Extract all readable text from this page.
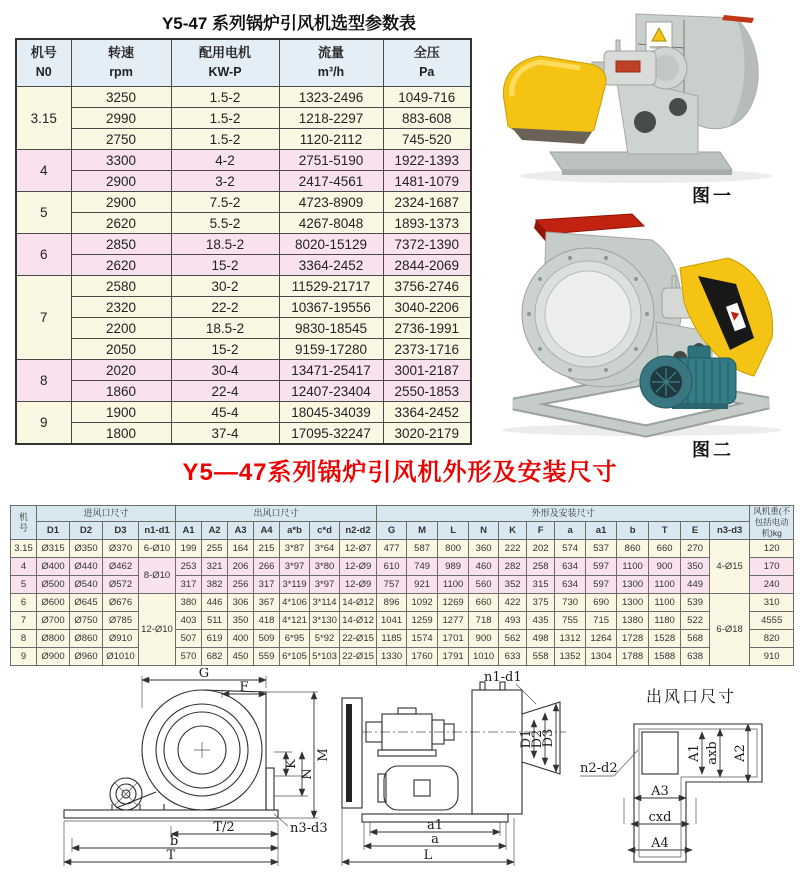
Y5-47 系列锅炉引风机选型参数表
机号
N0

转速
rpm

配用电机
KW-P

流量
m³/h

全压
Pa

3.15	3250	1.5-2	1323-2496	1049-716
	2990	1.5-2	1218-2297	883-608
	2750	1.5-2	1120-2112	745-520
4	3300	4-2	2751-5190	1922-1393
	2900	3-2	2417-4561	1481-1079
5	2900	7.5-2	4723-8909	2324-1687
	2620	5.5-2	4267-8048	1893-1373
6	2850	18.5-2	8020-15129	7372-1390
	2620	15-2	3364-2452	2844-2069
7	2580	30-2	11529-21717	3756-2746
	2320	22-2	10367-19556	3040-2206
	2200	18.5-2	9830-18545	2736-1991
	2050	15-2	9159-17280	2373-1716
8	2020	30-4	13471-25417	3001-2187
	1860	22-4	12407-23404	2550-1853
9	1900	45-4	18045-34039	3364-2452
	1800	37-4	17095-32247	3020-2179
图一
图二
Y5—47系列锅炉引风机外形及安装尺寸
机号	进风口尺寸				出风口尺寸							外形及安装尺寸												风机重(不包括电动机)kg
	D1	D2	D3	n1-d1	A1	A2	A3	A4	a*b	c*d	n2-d2	G	M	L	N	K	F	a	a1	b	T	E	n3-d3	
3.15	Ø315	Ø350	Ø370	6-Ø10	199	255	164	215	3*87	3*64	12-Ø7	477	587	800	360	222	202	574	537	860	660	270	4-Ø15	120
4	Ø400	Ø440	Ø462	8-Ø10	253	321	206	266	3*97	3*80	12-Ø9	610	749	989	460	282	258	634	597	1100	900	350		170
5	Ø500	Ø540	Ø572		317	382	256	317	3*119	3*97	12-Ø9	757	921	1100	560	352	315	634	597	1300	1100	449		240
6	Ø600	Ø645	Ø676	12-Ø10	380	446	306	367	4*106	3*114	14-Ø12	896	1092	1269	660	422	375	730	690	1300	1100	539	6-Ø18	310
7	Ø700	Ø750	Ø785		403	511	350	418	4*121	3*130	14-Ø12	1041	1259	1277	718	493	435	755	715	1380	1180	522		4555
8	Ø800	Ø860	Ø910		507	619	400	509	6*95	5*92	22-Ø15	1185	1574	1701	900	562	498	1312	1264	1728	1528	568		820
9	Ø900	Ø960	Ø1010		570	682	450	559	6*105	5*103	22-Ø15	1330	1760	1791	1010	633	558	1352	1304	1788	1588	638		910
G
F
K
N
M
n3-d3
T/2
b
T
n1-d1
D1
D2
D3
a1
a
L
出风口尺寸
n2-d2
A1 axb A2
A3
cxd
A4
